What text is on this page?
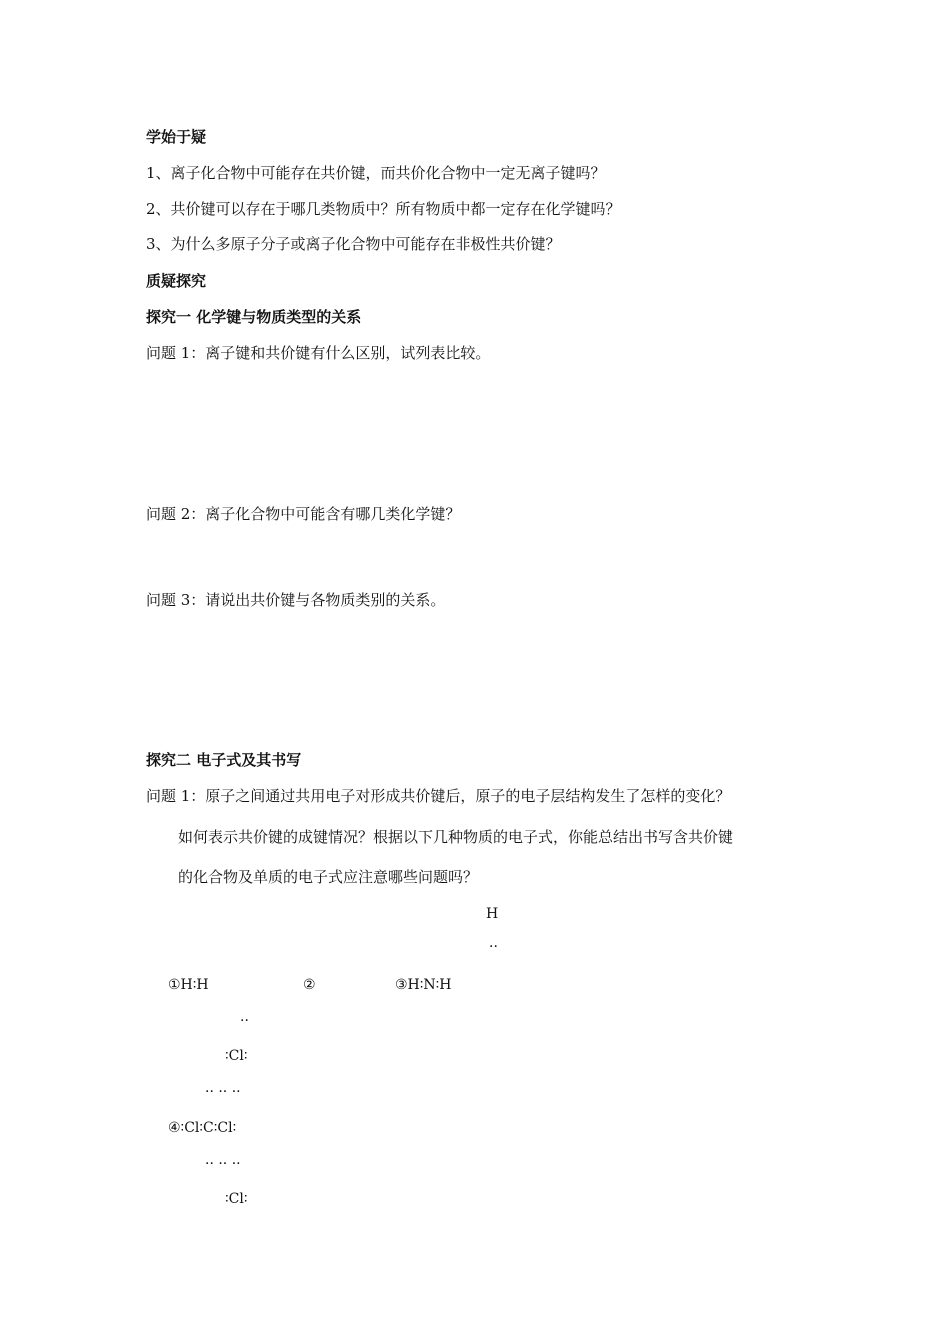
学始于疑
1、离子化合物中可能存在共价键，而共价化合物中一定无离子键吗？
2、共价键可以存在于哪几类物质中？所有物质中都一定存在化学键吗？
3、为什么多原子分子或离子化合物中可能存在非极性共价键？
质疑探究
探究一 化学键与物质类型的关系
问题 1：离子键和共价键有什么区别，试列表比较。
问题 2：离子化合物中可能含有哪几类化学键？
问题 3：请说出共价键与各物质类别的关系。
探究二 电子式及其书写
问题 1：原子之间通过共用电子对形成共价键后，原子的电子层结构发生了怎样的变化？
如何表示共价键的成键情况？根据以下几种物质的电子式，你能总结出书写含共价键
的化合物及单质的电子式应注意哪些问题吗？
H
··
①H∶H	②	③H∶N∶H
··
∶Cl∶
·· ·· ··
④∶Cl∶C∶Cl∶
·· ·· ··
∶Cl∶
